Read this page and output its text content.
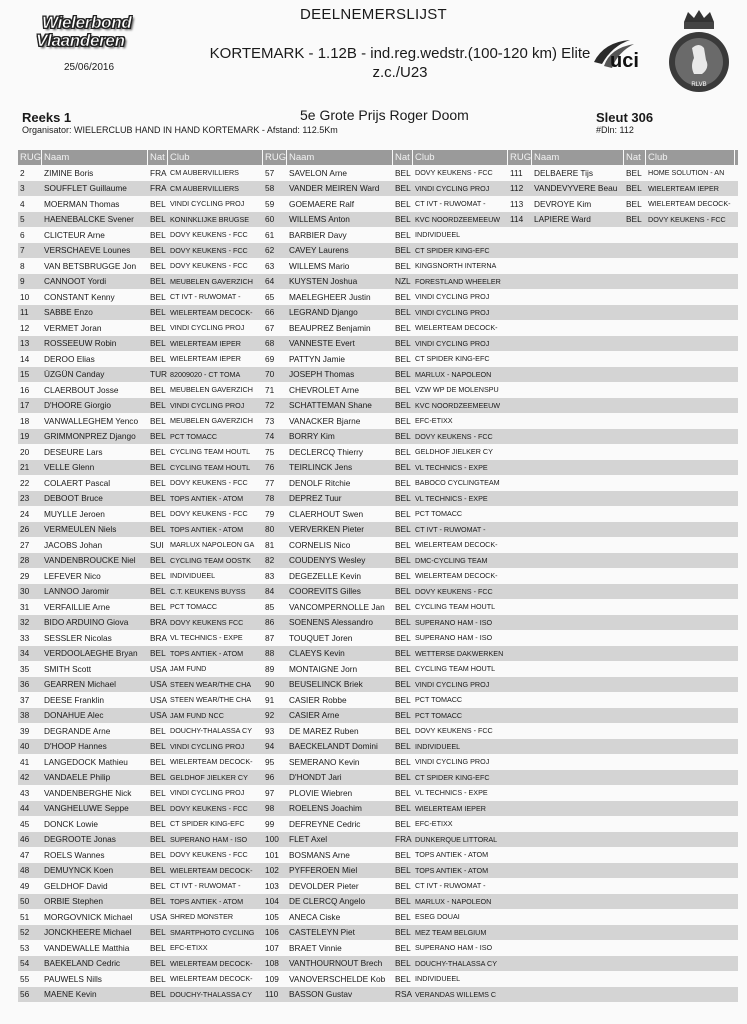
Wielerbond
Vlaanderen
25/06/2016
DEELNEMERSLIJST
KORTEMARK - 1.12B - ind.reg.wedstr.(100-120 km) Elite
z.c./U23
uci
RLVB
Reeks 1
Organisator: WIELERCLUB HAND IN HAND KORTEMARK - Afstand: 112.5Km
5e Grote Prijs Roger Doom	Sleut 306
#Dln: 112
RUG Naam	Nat Club	RUG Naam	Nat Club	RUG Naam	Nat Club
2	ZIMINE Boris	FRA CM AUBERVILLIERS	57	SAVELON Arne	BEL DOVY KEUKENS - FCC	111	DELBAERE Tijs	BEL HOME SOLUTION - AN
3	SOUFFLET Guillaume	FRA CM AUBERVILLIERS	58	VANDER MEIREN Ward	BEL VINDI CYCLING PROJ	112	VANDEVYVERE Beau	BEL WIELERTEAM IEPER
4	MOERMAN Thomas	BEL VINDI CYCLING PROJ	59	GOEMAERE Ralf	BEL CT IVT - RUWOMAT -	113	DEVROYE Kim	BEL WIELERTEAM DECOCK-
5	HAENEBALCKE Svener	BEL KONINKLIJKE BRUGSE	60	WILLEMS Anton	BEL KVC NOORDZEEMEEUW	114	LAPIERE Ward	BEL DOVY KEUKENS - FCC
6	CLICTEUR Arne	BEL DOVY KEUKENS - FCC	61	BARBIER Davy	BEL INDIVIDUEEL
7	VERSCHAEVE Lounes	BEL DOVY KEUKENS - FCC	62	CAVEY Laurens	BEL CT SPIDER KING-EFC
8	VAN BETSBRUGGE Jon	BEL DOVY KEUKENS - FCC	63	WILLEMS Mario	BEL KINGSNORTH INTERNA
9	CANNOOT Yordi	BEL MEUBELEN GAVERZICH	64	KUYSTEN Joshua	NZL FORESTLAND WHEELER
10	CONSTANT Kenny	BEL CT IVT - RUWOMAT -	65	MAELEGHEER Justin	BEL VINDI CYCLING PROJ
11	SABBE Enzo	BEL WIELERTEAM DECOCK-	66	LEGRAND Django	BEL VINDI CYCLING PROJ
12	VERMET Joran	BEL VINDI CYCLING PROJ	67	BEAUPREZ Benjamin	BEL WIELERTEAM DECOCK-
13	ROSSEEUW Robin	BEL WIELERTEAM IEPER	68	VANNESTE Evert	BEL VINDI CYCLING PROJ
14	DEROO Elias	BEL WIELERTEAM IEPER	69	PATTYN Jamie	BEL CT SPIDER KING-EFC
15	ÜZGÜN Canday	TUR 82009020 - CT TOMA	70	JOSEPH Thomas	BEL MARLUX - NAPOLEON
16	CLAERBOUT Josse	BEL MEUBELEN GAVERZICH	71	CHEVROLET Arne	BEL VZW WP DE MOLENSPU
17	D'HOORE Giorgio	BEL VINDI CYCLING PROJ	72	SCHATTEMAN Shane	BEL KVC NOORDZEEMEEUW
18	VANWALLEGHEM Yenco	BEL MEUBELEN GAVERZICH	73	VANACKER Bjarne	BEL EFC-ETIXX
19	GRIMMONPREZ Django	BEL PCT TOMACC	74	BORRY Kim	BEL DOVY KEUKENS - FCC
20	DESEURE Lars	BEL CYCLING TEAM HOUTL	75	DECLERCQ Thierry	BEL GELDHOF JIELKER CY
21	VELLE Glenn	BEL CYCLING TEAM HOUTL	76	TEIRLINCK Jens	BEL VL TECHNICS - EXPE
22	COLAERT Pascal	BEL DOVY KEUKENS - FCC	77	DENOLF Ritchie	BEL BABOCO CYCLINGTEAM
23	DEBOOT Bruce	BEL TOPS ANTIEK - ATOM	78	DEPREZ Tuur	BEL VL TECHNICS - EXPE
24	MUYLLE Jeroen	BEL DOVY KEUKENS - FCC	79	CLAERHOUT Swen	BEL PCT TOMACC
26	VERMEULEN Niels	BEL TOPS ANTIEK - ATOM	80	VERVERKEN Pieter	BEL CT IVT - RUWOMAT -
27	JACOBS Johan	SUI MARLUX NAPOLEON GA	81	CORNELIS Nico	BEL WIELERTEAM DECOCK-
28	VANDENBROUCKE Niel	BEL CYCLING TEAM OOSTK	82	COUDENYS Wesley	BEL DMC-CYCLING TEAM
29	LEFEVER Nico	BEL INDIVIDUEEL	83	DEGEZELLE Kevin	BEL WIELERTEAM DECOCK-
30	LANNOO Jaromir	BEL C.T. KEUKENS BUYSS	84	COOREVITS Gilles	BEL DOVY KEUKENS - FCC
31	VERFAILLIE Arne	BEL PCT TOMACC	85	VANCOMPERNOLLE Jan	BEL CYCLING TEAM HOUTL
32	BIDO ARDUINO Giova	BRA DOVY KEUKENS FCC	86	SOENENS Alessandro	BEL SUPERANO HAM - ISO
33	SESSLER Nicolas	BRA VL TECHNICS - EXPE	87	TOUQUET Joren	BEL SUPERANO HAM - ISO
34	VERDOOLAEGHE Bryan	BEL TOPS ANTIEK - ATOM	88	CLAEYS Kevin	BEL WETTERSE DAKWERKEN
35	SMITH Scott	USA JAM FUND	89	MONTAIGNE Jorn	BEL CYCLING TEAM HOUTL
36	GEARREN Michael	USA STEEN WEAR/THE CHA	90	BEUSELINCK Briek	BEL VINDI CYCLING PROJ
37	DEESE Franklin	USA STEEN WEAR/THE CHA	91	CASIER Robbe	BEL PCT TOMACC
38	DONAHUE Alec	USA JAM FUND NCC	92	CASIER Arne	BEL PCT TOMACC
39	DEGRANDE Arne	BEL DOUCHY-THALASSA CY	93	DE MAREZ Ruben	BEL DOVY KEUKENS - FCC
40	D'HOOP Hannes	BEL VINDI CYCLING PROJ	94	BAECKELANDT Domini	BEL INDIVIDUEEL
41	LANGEDOCK Mathieu	BEL WIELERTEAM DECOCK-	95	SEMERANO Kevin	BEL VINDI CYCLING PROJ
42	VANDAELE Philip	BEL GELDHOF JIELKER CY	96	D'HONDT Jari	BEL CT SPIDER KING-EFC
43	VANDENBERGHE Nick	BEL VINDI CYCLING PROJ	97	PLOVIE Wiebren	BEL VL TECHNICS - EXPE
44	VANGHELUWE Seppe	BEL DOVY KEUKENS - FCC	98	ROELENS Joachim	BEL WIELERTEAM IEPER
45	DONCK Lowie	BEL CT SPIDER KING-EFC	99	DEFREYNE Cedric	BEL EFC-ETIXX
46	DEGROOTE Jonas	BEL SUPERANO HAM - ISO	100	FLET Axel	FRA DUNKERQUE LITTORAL
47	ROELS Wannes	BEL DOVY KEUKENS - FCC	101	BOSMANS Arne	BEL TOPS ANTIEK - ATOM
48	DEMUYNCK Koen	BEL WIELERTEAM DECOCK-	102	PYFFEROEN Miel	BEL TOPS ANTIEK - ATOM
49	GELDHOF David	BEL CT IVT - RUWOMAT -	103	DEVOLDER Pieter	BEL CT IVT - RUWOMAT -
50	ORBIE Stephen	BEL TOPS ANTIEK - ATOM	104	DE CLERCQ Angelo	BEL MARLUX - NAPOLEON
51	MORGOVNICK Michael	USA SHRED MONSTER	105	ANECA Ciske	BEL ESEG DOUAI
52	JONCKHEERE Michael	BEL SMARTPHOTO CYCLING	106	CASTELEYN Piet	BEL MEZ TEAM BELGIUM
53	VANDEWALLE Matthia	BEL EFC-ETIXX	107	BRAET Vinnie	BEL SUPERANO HAM - ISO
54	BAEKELAND Cedric	BEL WIELERTEAM DECOCK-	108	VANTHOURNOUT Brech	BEL DOUCHY-THALASSA CY
55	PAUWELS Nills	BEL WIELERTEAM DECOCK-	109	VANOVERSCHELDE Kob	BEL INDIVIDUEEL
56	MAENE Kevin	BEL DOUCHY-THALASSA CY	110	BASSON Gustav	RSA VERANDAS WILLEMS C
